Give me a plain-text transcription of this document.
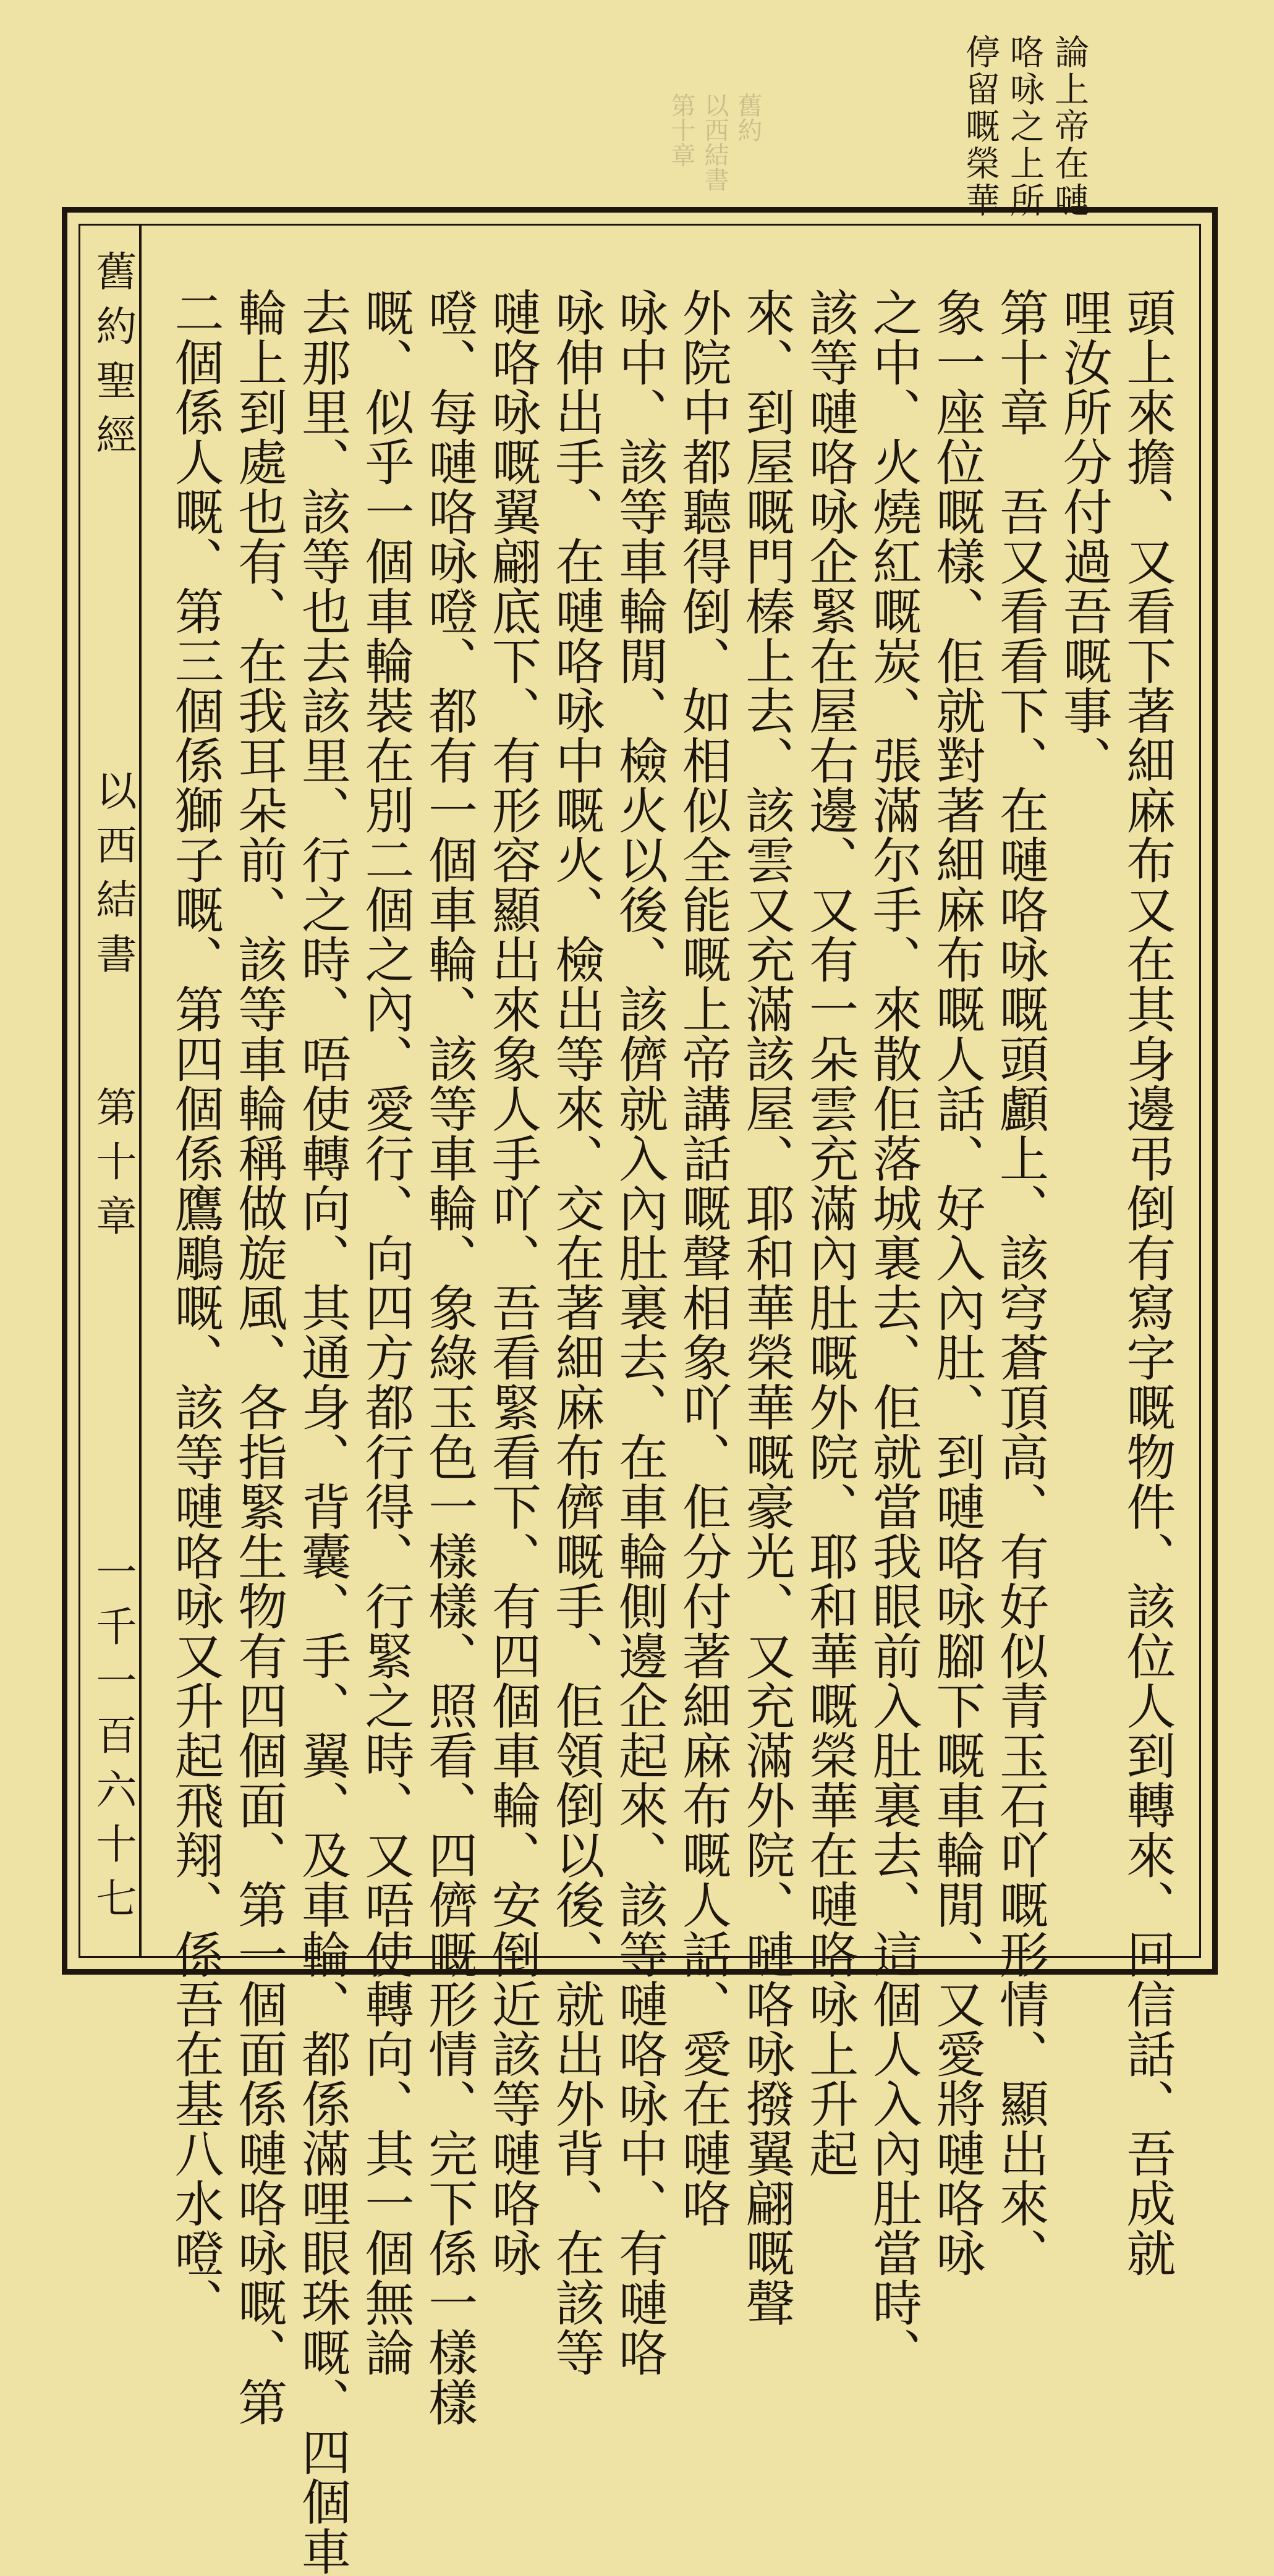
論上帝在嗹
咯咏之上所
停留嘅榮華
舊約
以西結書
第十章
舊約聖經
以西結書
第十章
一千一百六十七	頭上來擔、又看下著細麻布又在其身邊弔倒有寫字嘅物件、該位人到轉來、回信話、吾成就
哩汝所分付過吾嘅事、
第十章　吾又看看下、在嗹咯咏嘅頭顱上、該穹蒼頂高、有好似青玉石吖嘅形情、顯出來、
象一座位嘅樣、佢就對著細麻布嘅人話、好入內肚、到嗹咯咏腳下嘅車輪閒、又愛將嗹咯咏
之中、火燒紅嘅炭、張滿尔手、來散佢落城裏去、佢就當我眼前入肚裏去、這個人入內肚當時、
該等嗹咯咏企緊在屋右邊、又有一朵雲充滿內肚嘅外院、耶和華嘅榮華在嗹咯咏上升起
來、到屋嘅門榛上去、該雲又充滿該屋、耶和華榮華嘅豪光、又充滿外院、嗹咯咏撥翼翩嘅聲
外院中都聽得倒、如相似全能嘅上帝講話嘅聲相象吖、佢分付著細麻布嘅人話、愛在嗹咯
咏中、該等車輪閒、檢火以後、該儕就入內肚裏去、在車輪側邊企起來、該等嗹咯咏中、有嗹咯
咏伸出手、在嗹咯咏中嘅火、檢出等來、交在著細麻布儕嘅手、佢領倒以後、就出外背、在該等
嗹咯咏嘅翼翩底下、有形容顯出來象人手吖、吾看緊看下、有四個車輪、安倒近該等嗹咯咏
噔、每嗹咯咏噔、都有一個車輪、該等車輪、象綠玉色一樣樣、照看、四儕嘅形情、完下係一樣樣
嘅、似乎一個車輪裝在別二個之內、愛行、向四方都行得、行緊之時、又唔使轉向、其一個無論
去那里、該等也去該里、行之時、唔使轉向、其通身、背囊、手、翼、及車輪、都係滿哩眼珠嘅、四個車
輪上到處也有、在我耳朵前、該等車輪稱做旋風、各指緊生物有四個面、第一個面係嗹咯咏嘅、第
二個係人嘅、第三個係獅子嘅、第四個係鷹鵰嘅、該等嗹咯咏又升起飛翔、係吾在基八水噔、
